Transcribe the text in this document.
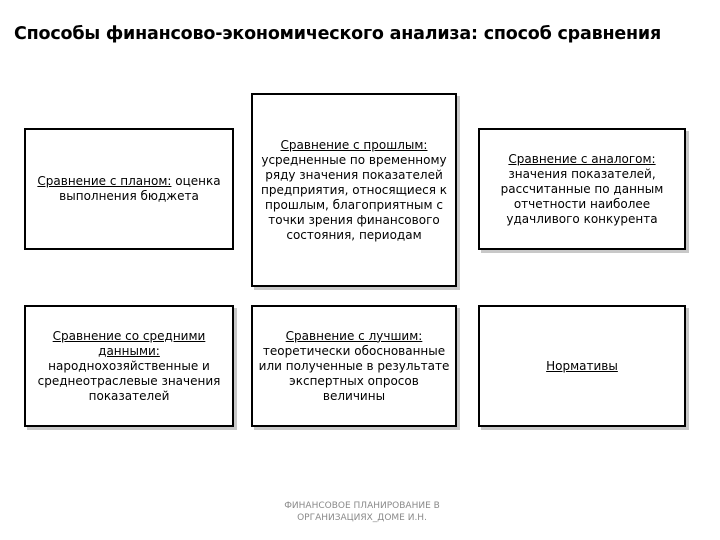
Способы финансово-экономического анализа: способ сравнения
Сравнение с планом: оценка выполнения бюджета
Сравнение с прошлым:
усредненные по временному ряду значения показателей предприятия, относящиеся к прошлым, благоприятным с точки зрения финансового состояния, периодам
Сравнение с аналогом:
значения показателей, рассчитанные по данным отчетности наиболее удачливого конкурента
Сравнение со средними данными:
народнохозяйственные и среднеотраслевые значения показателей
Сравнение с лучшим:
теоретически обоснованные или полученные в результате экспертных опросов величины
Нормативы
ФИНАНСОВОЕ ПЛАНИРОВАНИЕ В
ОРГАНИЗАЦИЯХ_ДОМЕ И.Н.
